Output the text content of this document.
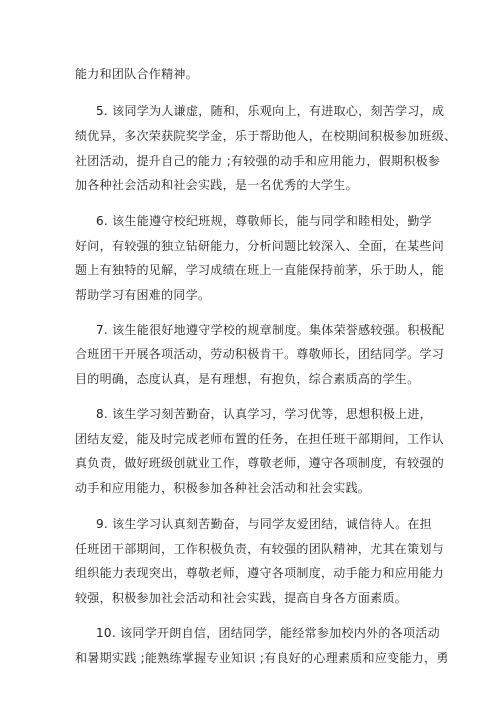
能力和团队合作精神。

5. 该同学为人谦虚，随和，乐观向上，有进取心，刻苦学习，成

绩优异，多次荣获院奖学金，乐于帮助他人，在校期间积极参加班级、

社团活动，提升自己的能力 ;有较强的动手和应用能力，假期积极参

加各种社会活动和社会实践，是一名优秀的大学生。

6. 该生能遵守校纪班规，尊敬师长，能与同学和睦相处，勤学

好问，有较强的独立钻研能力，分析问题比较深入、全面，在某些问

题上有独特的见解，学习成绩在班上一直能保持前茅，乐于助人，能

帮助学习有困难的同学。

7. 该生能很好地遵守学校的规章制度。集体荣誉感较强。积极配

合班团干开展各项活动，劳动积极肯干。尊敬师长，团结同学。学习

目的明确，态度认真，是有理想，有抱负，综合素质高的学生。

8. 该生学习刻苦勤奋，认真学习，学习优等，思想积极上进，

团结友爱，能及时完成老师布置的任务，在担任班干部期间，工作认

真负责，做好班级创就业工作，尊敬老师，遵守各项制度，有较强的

动手和应用能力，积极参加各种社会活动和社会实践。

9. 该生学习认真刻苦勤奋，与同学友爱团结，诚信待人。在担

任班团干部期间，工作积极负责，有较强的团队精神，尤其在策划与

组织能力表现突出，尊敬老师，遵守各项制度，动手能力和应用能力

较强，积极参加社会活动和社会实践，提高自身各方面素质。

10. 该同学开朗自信，团结同学，能经常参加校内外的各项活动

和暑期实践 ;能熟练掌握专业知识 ;有良好的心理素质和应变能力，勇
